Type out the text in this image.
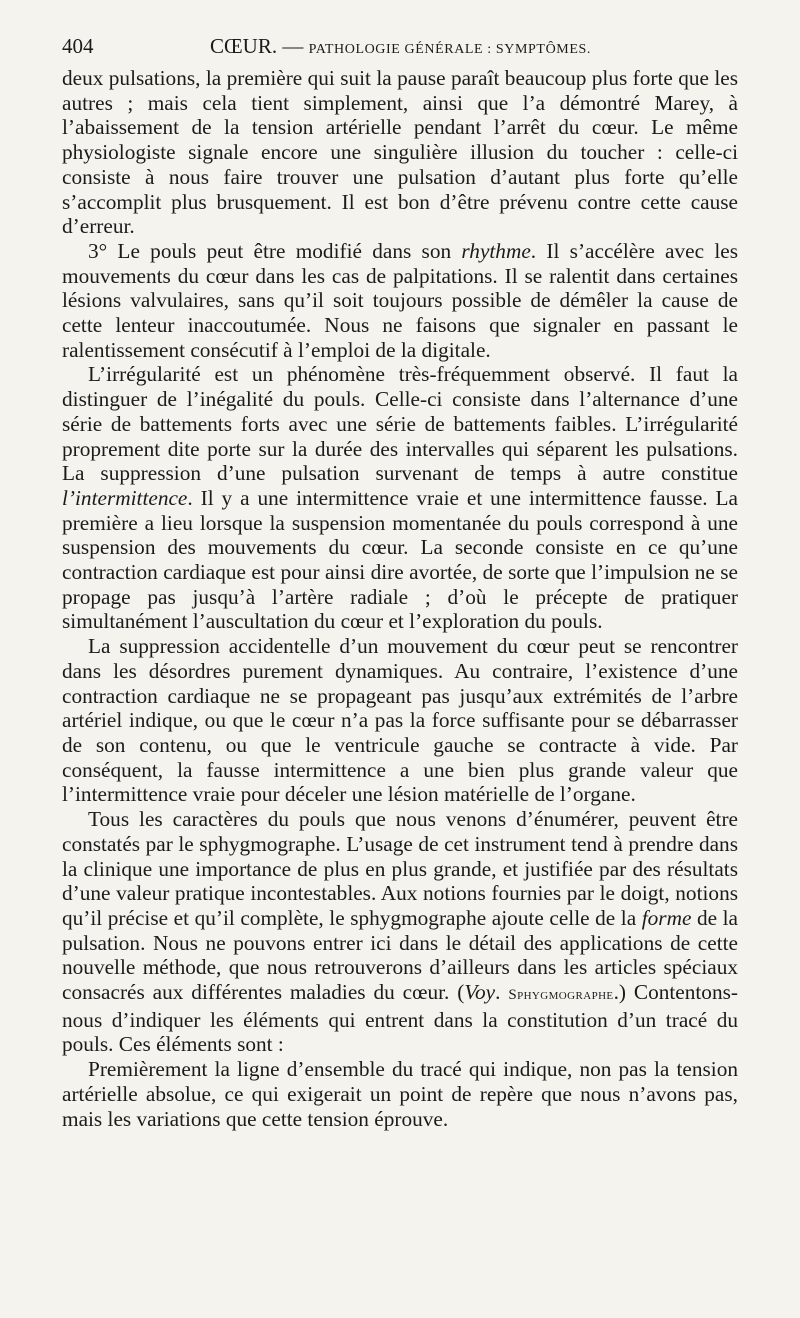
404	CŒUR. — PATHOLOGIE GÉNÉRALE : SYMPTÔMES.

deux pulsations, la première qui suit la pause paraît beaucoup plus forte que les autres ; mais cela tient simplement, ainsi que l’a démontré Marey, à l’abaissement de la tension artérielle pendant l’arrêt du cœur. Le même physiologiste signale encore une singulière illusion du toucher : celle-ci consiste à nous faire trouver une pulsation d’autant plus forte qu’elle s’accomplit plus brusquement. Il est bon d’être prévenu contre cette cause d’erreur.

3° Le pouls peut être modifié dans son rhythme. Il s’accélère avec les mouvements du cœur dans les cas de palpitations. Il se ralentit dans certaines lésions valvulaires, sans qu’il soit toujours possible de démêler la cause de cette lenteur inaccoutumée. Nous ne faisons que signaler en passant le ralentissement consécutif à l’emploi de la digitale.

L’irrégularité est un phénomène très-fréquemment observé. Il faut la distinguer de l’inégalité du pouls. Celle-ci consiste dans l’alternance d’une série de battements forts avec une série de battements faibles. L’irrégularité proprement dite porte sur la durée des intervalles qui séparent les pulsations. La suppression d’une pulsation survenant de temps à autre constitue l’intermittence. Il y a une intermittence vraie et une intermittence fausse. La première a lieu lorsque la suspension momentanée du pouls correspond à une suspension des mouvements du cœur. La seconde consiste en ce qu’une contraction cardiaque est pour ainsi dire avortée, de sorte que l’impulsion ne se propage pas jusqu’à l’artère radiale ; d’où le précepte de pratiquer simultanément l’auscultation du cœur et l’exploration du pouls.

La suppression accidentelle d’un mouvement du cœur peut se rencontrer dans les désordres purement dynamiques. Au contraire, l’existence d’une contraction cardiaque ne se propageant pas jusqu’aux extrémités de l’arbre artériel indique, ou que le cœur n’a pas la force suffisante pour se débarrasser de son contenu, ou que le ventricule gauche se contracte à vide. Par conséquent, la fausse intermittence a une bien plus grande valeur que l’intermittence vraie pour déceler une lésion matérielle de l’organe.

Tous les caractères du pouls que nous venons d’énumérer, peuvent être constatés par le sphygmographe. L’usage de cet instrument tend à prendre dans la clinique une importance de plus en plus grande, et justifiée par des résultats d’une valeur pratique incontestables. Aux notions fournies par le doigt, notions qu’il précise et qu’il complète, le sphygmographe ajoute celle de la forme de la pulsation. Nous ne pouvons entrer ici dans le détail des applications de cette nouvelle méthode, que nous retrouverons d’ailleurs dans les articles spéciaux consacrés aux différentes maladies du cœur. (Voy. Sphygmographe.) Contentons-nous d’indiquer les éléments qui entrent dans la constitution d’un tracé du pouls. Ces éléments sont :

Premièrement la ligne d’ensemble du tracé qui indique, non pas la tension artérielle absolue, ce qui exigerait un point de repère que nous n’avons pas, mais les variations que cette tension éprouve.
